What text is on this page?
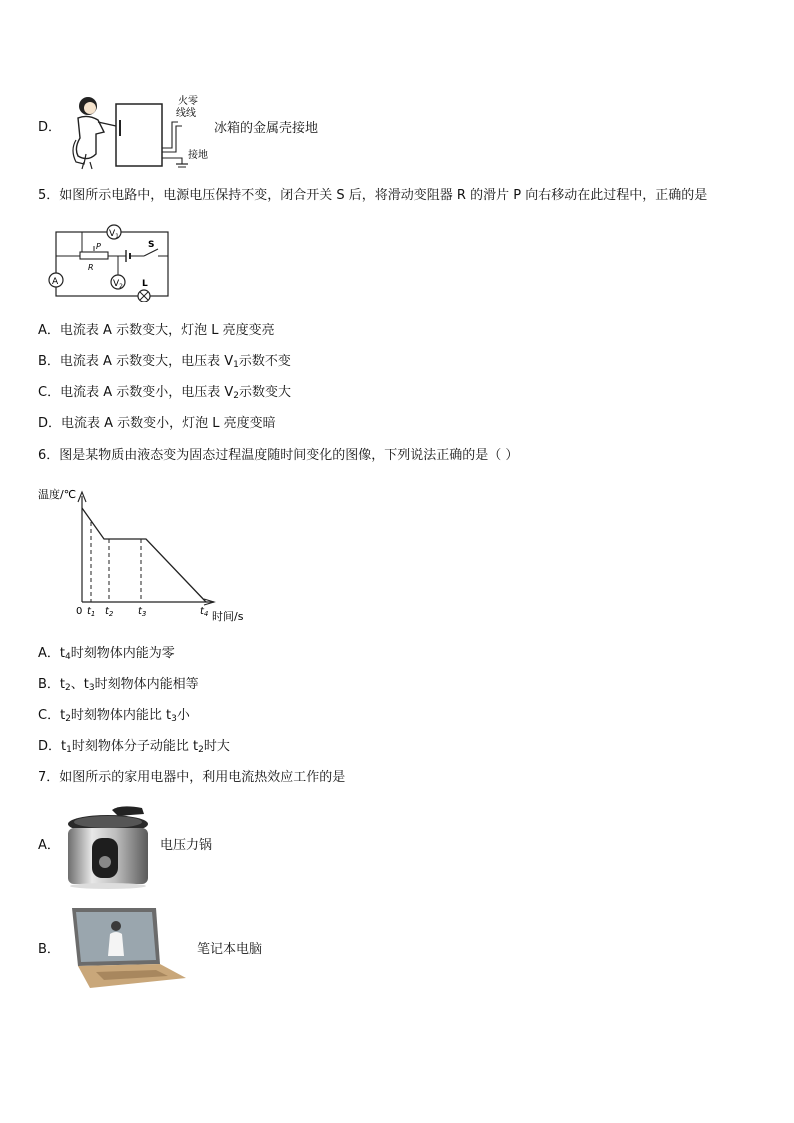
D．
火零
线线
接地
冰箱的金属壳接地
5．如图所示电路中，电源电压保持不变，闭合开关 S 后，将滑动变阻器 R 的滑片 P 向右移动在此过程中，正确的是
$V_1$
P
R
S
$V_2$
A	L
A．电流表 A 示数变大，灯泡 L 亮度变亮
B．电流表 A 示数变大，电压表 $V_1$示数不变
C．电流表 A 示数变小，电压表 $V_2$示数变大
D．电流表 A 示数变小，灯泡 L 亮度变暗
6．图是某物质由液态变为固态过程温度随时间变化的图像，下列说法正确的是（ ）
温度/℃
0 $t_1$ $t_2$ $t_3$	$t_4$ 时间/s
A．$t_4$时刻物体内能为零
B．$t_2$、$t_3$时刻物体内能相等
C．$t_2$时刻物体内能比 $t_3$小
D．$t_1$时刻物体分子动能比 $t_2$时大
7．如图所示的家用电器中，利用电流热效应工作的是
A．	电压力锅
B．	笔记本电脑
